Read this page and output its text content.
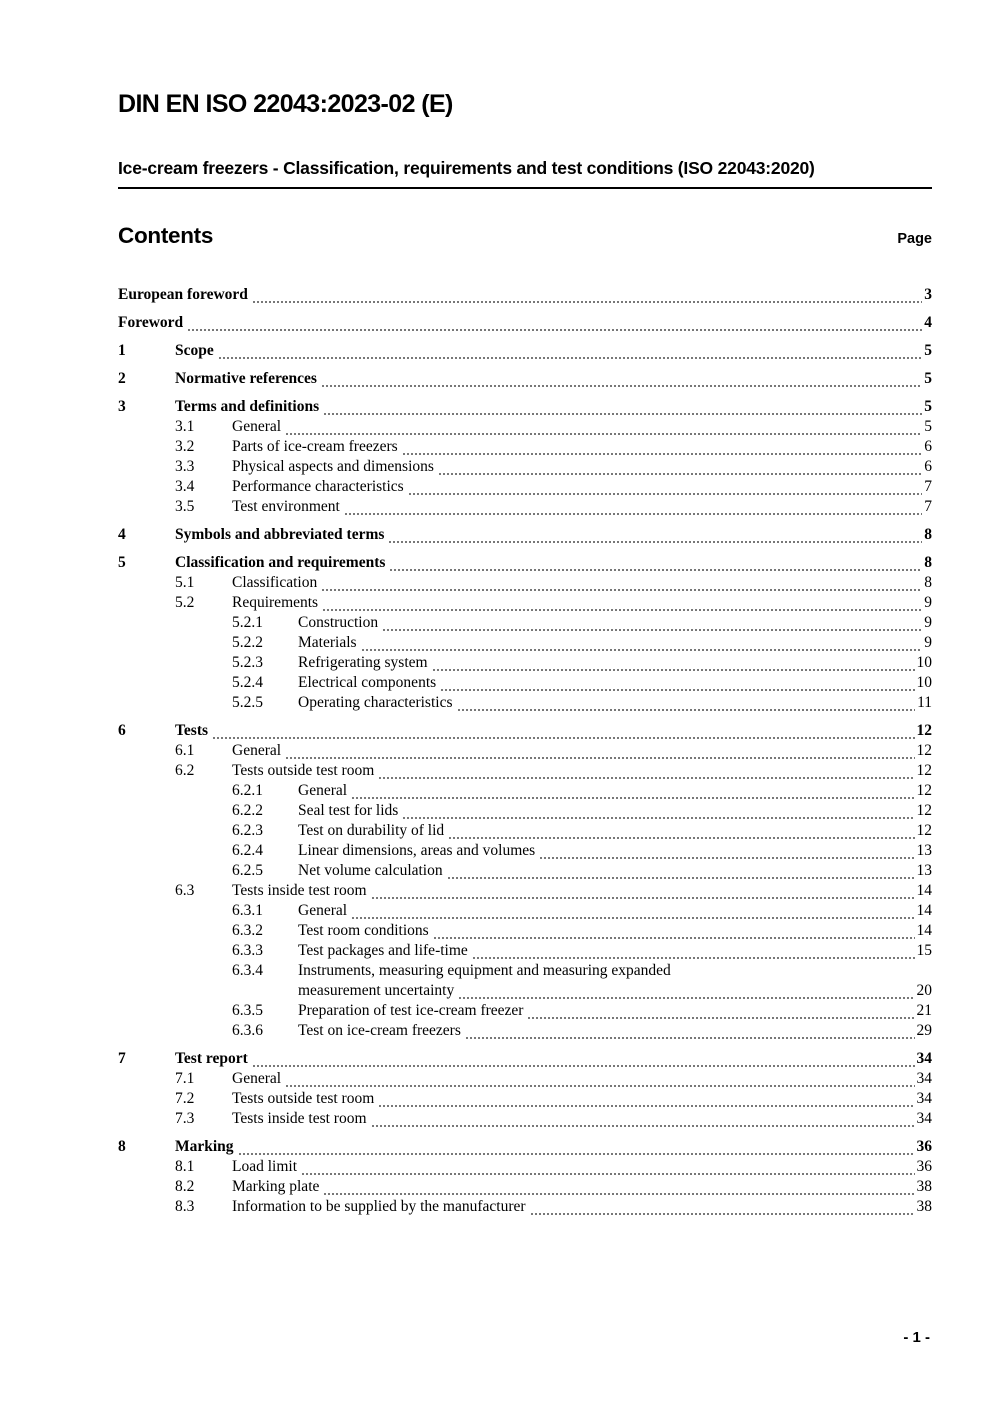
DIN EN ISO 22043:2023-02 (E)
Ice-cream freezers - Classification, requirements and test conditions (ISO 22043:2020)
Contents	Page
European foreword	3
Foreword	4
1	Scope	5
2	Normative references	5
3	Terms and definitions	5
3.1	General	5
3.2	Parts of ice-cream freezers	6
3.3	Physical aspects and dimensions	6
3.4	Performance characteristics	7
3.5	Test environment	7
4	Symbols and abbreviated terms	8
5	Classification and requirements	8
5.1	Classification	8
5.2	Requirements	9
5.2.1	Construction	9
5.2.2	Materials	9
5.2.3	Refrigerating system	10
5.2.4	Electrical components	10
5.2.5	Operating characteristics	11
6	Tests	12
6.1	General	12
6.2	Tests outside test room	12
6.2.1	General	12
6.2.2	Seal test for lids	12
6.2.3	Test on durability of lid	12
6.2.4	Linear dimensions, areas and volumes	13
6.2.5	Net volume calculation	13
6.3	Tests inside test room	14
6.3.1	General	14
6.3.2	Test room conditions	14
6.3.3	Test packages and life-time	15
6.3.4	Instruments, measuring equipment and measuring expanded
measurement uncertainty	20
6.3.5	Preparation of test ice-cream freezer	21
6.3.6	Test on ice-cream freezers	29
7	Test report	34
7.1	General	34
7.2	Tests outside test room	34
7.3	Tests inside test room	34
8	Marking	36
8.1	Load limit	36
8.2	Marking plate	38
8.3	Information to be supplied by the manufacturer	38
- 1 -
